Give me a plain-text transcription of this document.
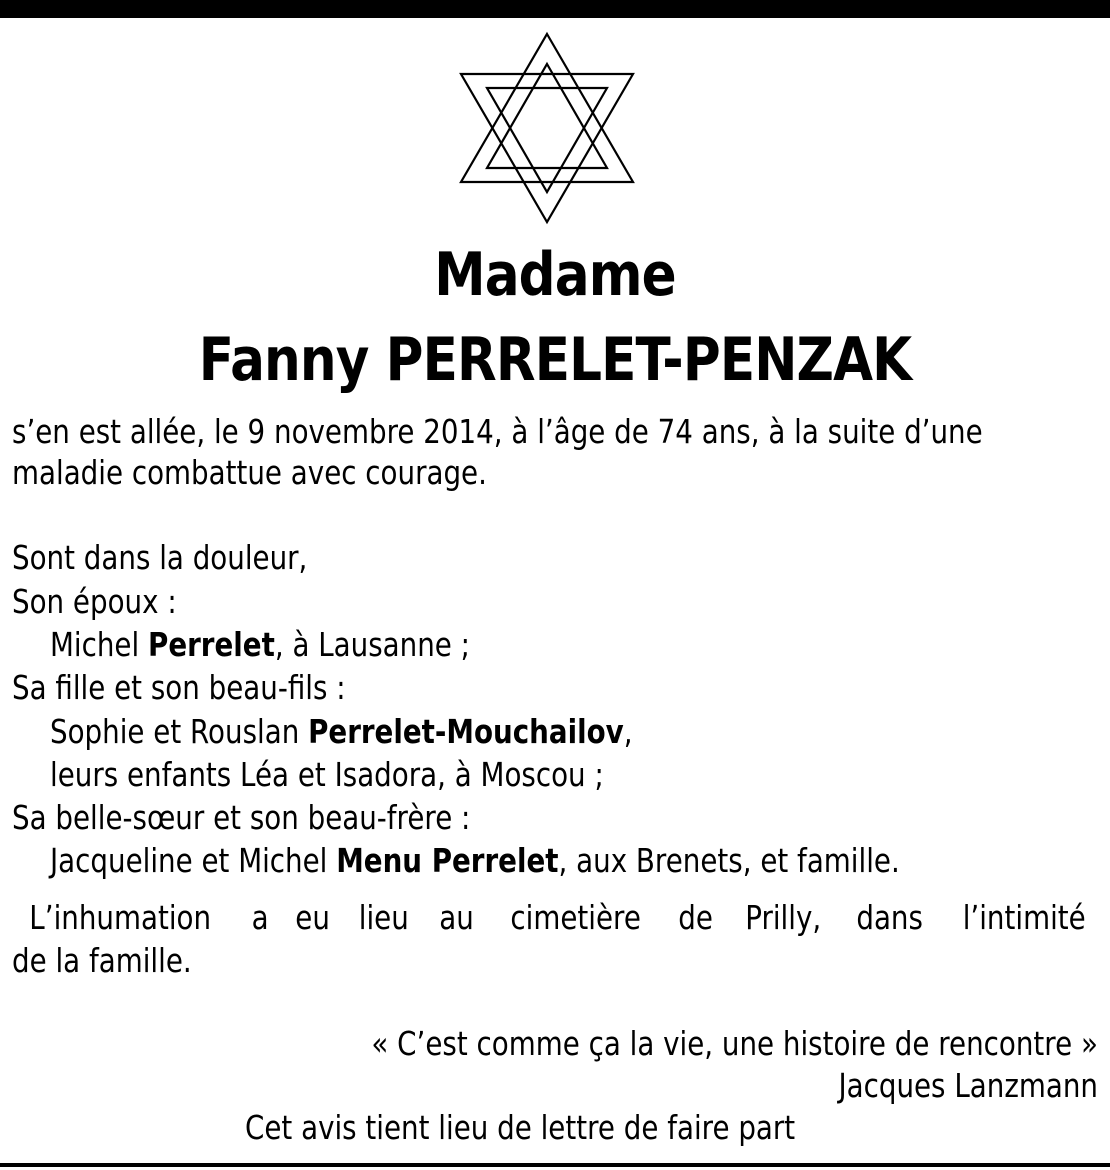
Madame
Fanny PERRELET-PENZAK
s’en est allée, le 9 novembre 2014, à l’âge de 74 ans, à la suite d’une
maladie combattue avec courage.
Sont dans la douleur,
Son époux :
Michel Perrelet, à Lausanne ;
Sa fille et son beau-fils :
Sophie et Rouslan Perrelet-Mouchailov,
leurs enfants Léa et Isadora, à Moscou ;
Sa belle-sœur et son beau-frère :
Jacqueline et Michel Menu Perrelet, aux Brenets, et famille.
L’inhumation a eu lieu au cimetière de Prilly, dans l’intimité
de la famille.
« C’est comme ça la vie, une histoire de rencontre »
Jacques Lanzmann
Cet avis tient lieu de lettre de faire part
